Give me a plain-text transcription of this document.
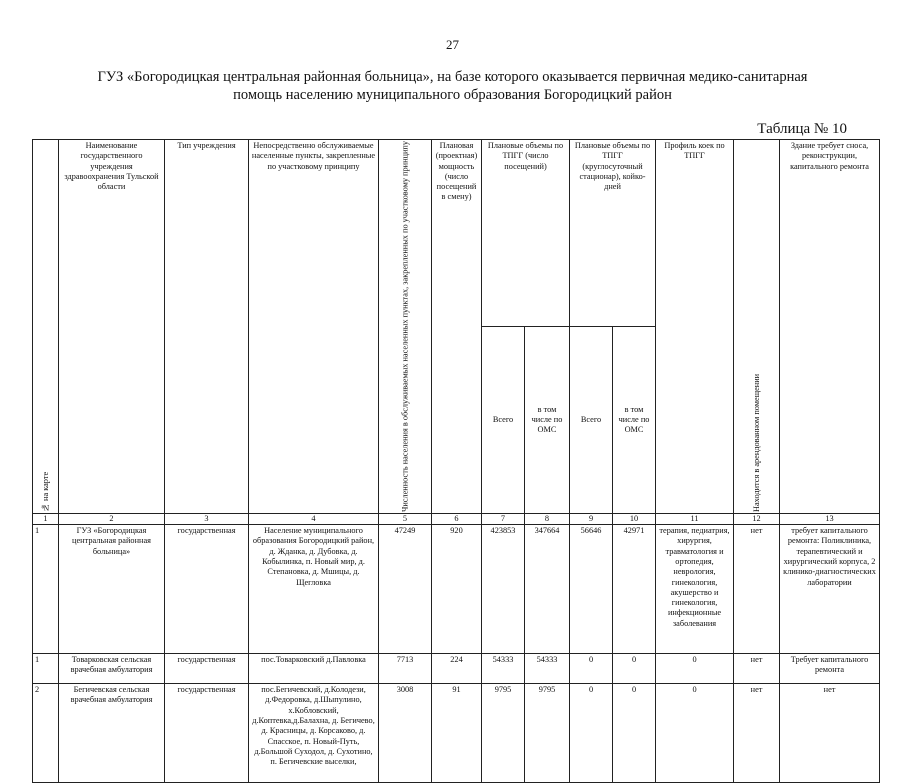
27
ГУЗ «Богородицкая центральная районная больница», на базе которого оказывается первичная медико-санитарная
помощь населению муниципального образования Богородицкий район
Таблица № 10
№ на карте	Наименование государственного учреждения здравоохранения Тульской области	Тип учреждения	Непосредственно обслуживаемые населенные пункты, закрепленные по участковому принципу	Численность населения в обслуживаемых населенных пунктах, закрепленных по участковому принципу	Плановая (проектная) мощность (число посещений в смену)	Плановые объемы по ТПГГ (число посещений)		Плановые объемы по ТПГГ (круглосуточный стационар), койко-дней		Профиль коек по ТПГГ	Находится в арендованном помещении	Здание требует сноса, реконструкции, капитального ремонта
						Всего	в том числе по ОМС	Всего	в том числе по ОМС			
1	2	3	4	5	6	7	8	9	10	11	12	13
1	ГУЗ «Богородицкая центральная районная больница»	государственная	Население муниципального образования Богородицкий район, д. Жданка, д. Дубовка, д. Кобылинка, п. Новый мир, д. Степановка, д. Мшицы, д. Щегловка	47249	920	423853	347664	56646	42971	терапия, педиатрия, хирургия, травматология и ортопедия, неврология, гинекология, акушерство и гинекология, инфекционные заболевания	нет	требует капитального ремонта: Поликлиника, терапевтический и хирургический корпуса, 2 клинико-диагностических лаборатории
1	Товарковская сельская врачебная амбулатория	государственная	пос.Товарковский д.Павловка	7713	224	54333	54333	0	0	0	нет	Требует капитального ремонта
2	Бегичевская сельская врачебная амбулатория	государственная	пос.Бегичевский, д.Колодези, д.Федоровка, д.Шыпулино, х.Кобловский, д.Коптевка,д.Балахна, д. Бегичево, д. Красницы, д. Корсаково, д. Спасское, п. Новый-Путь, д.Большой Суходол, д. Сухотино, п. Бегичевские выселки,	3008	91	9795	9795	0	0	0	нет	нет
